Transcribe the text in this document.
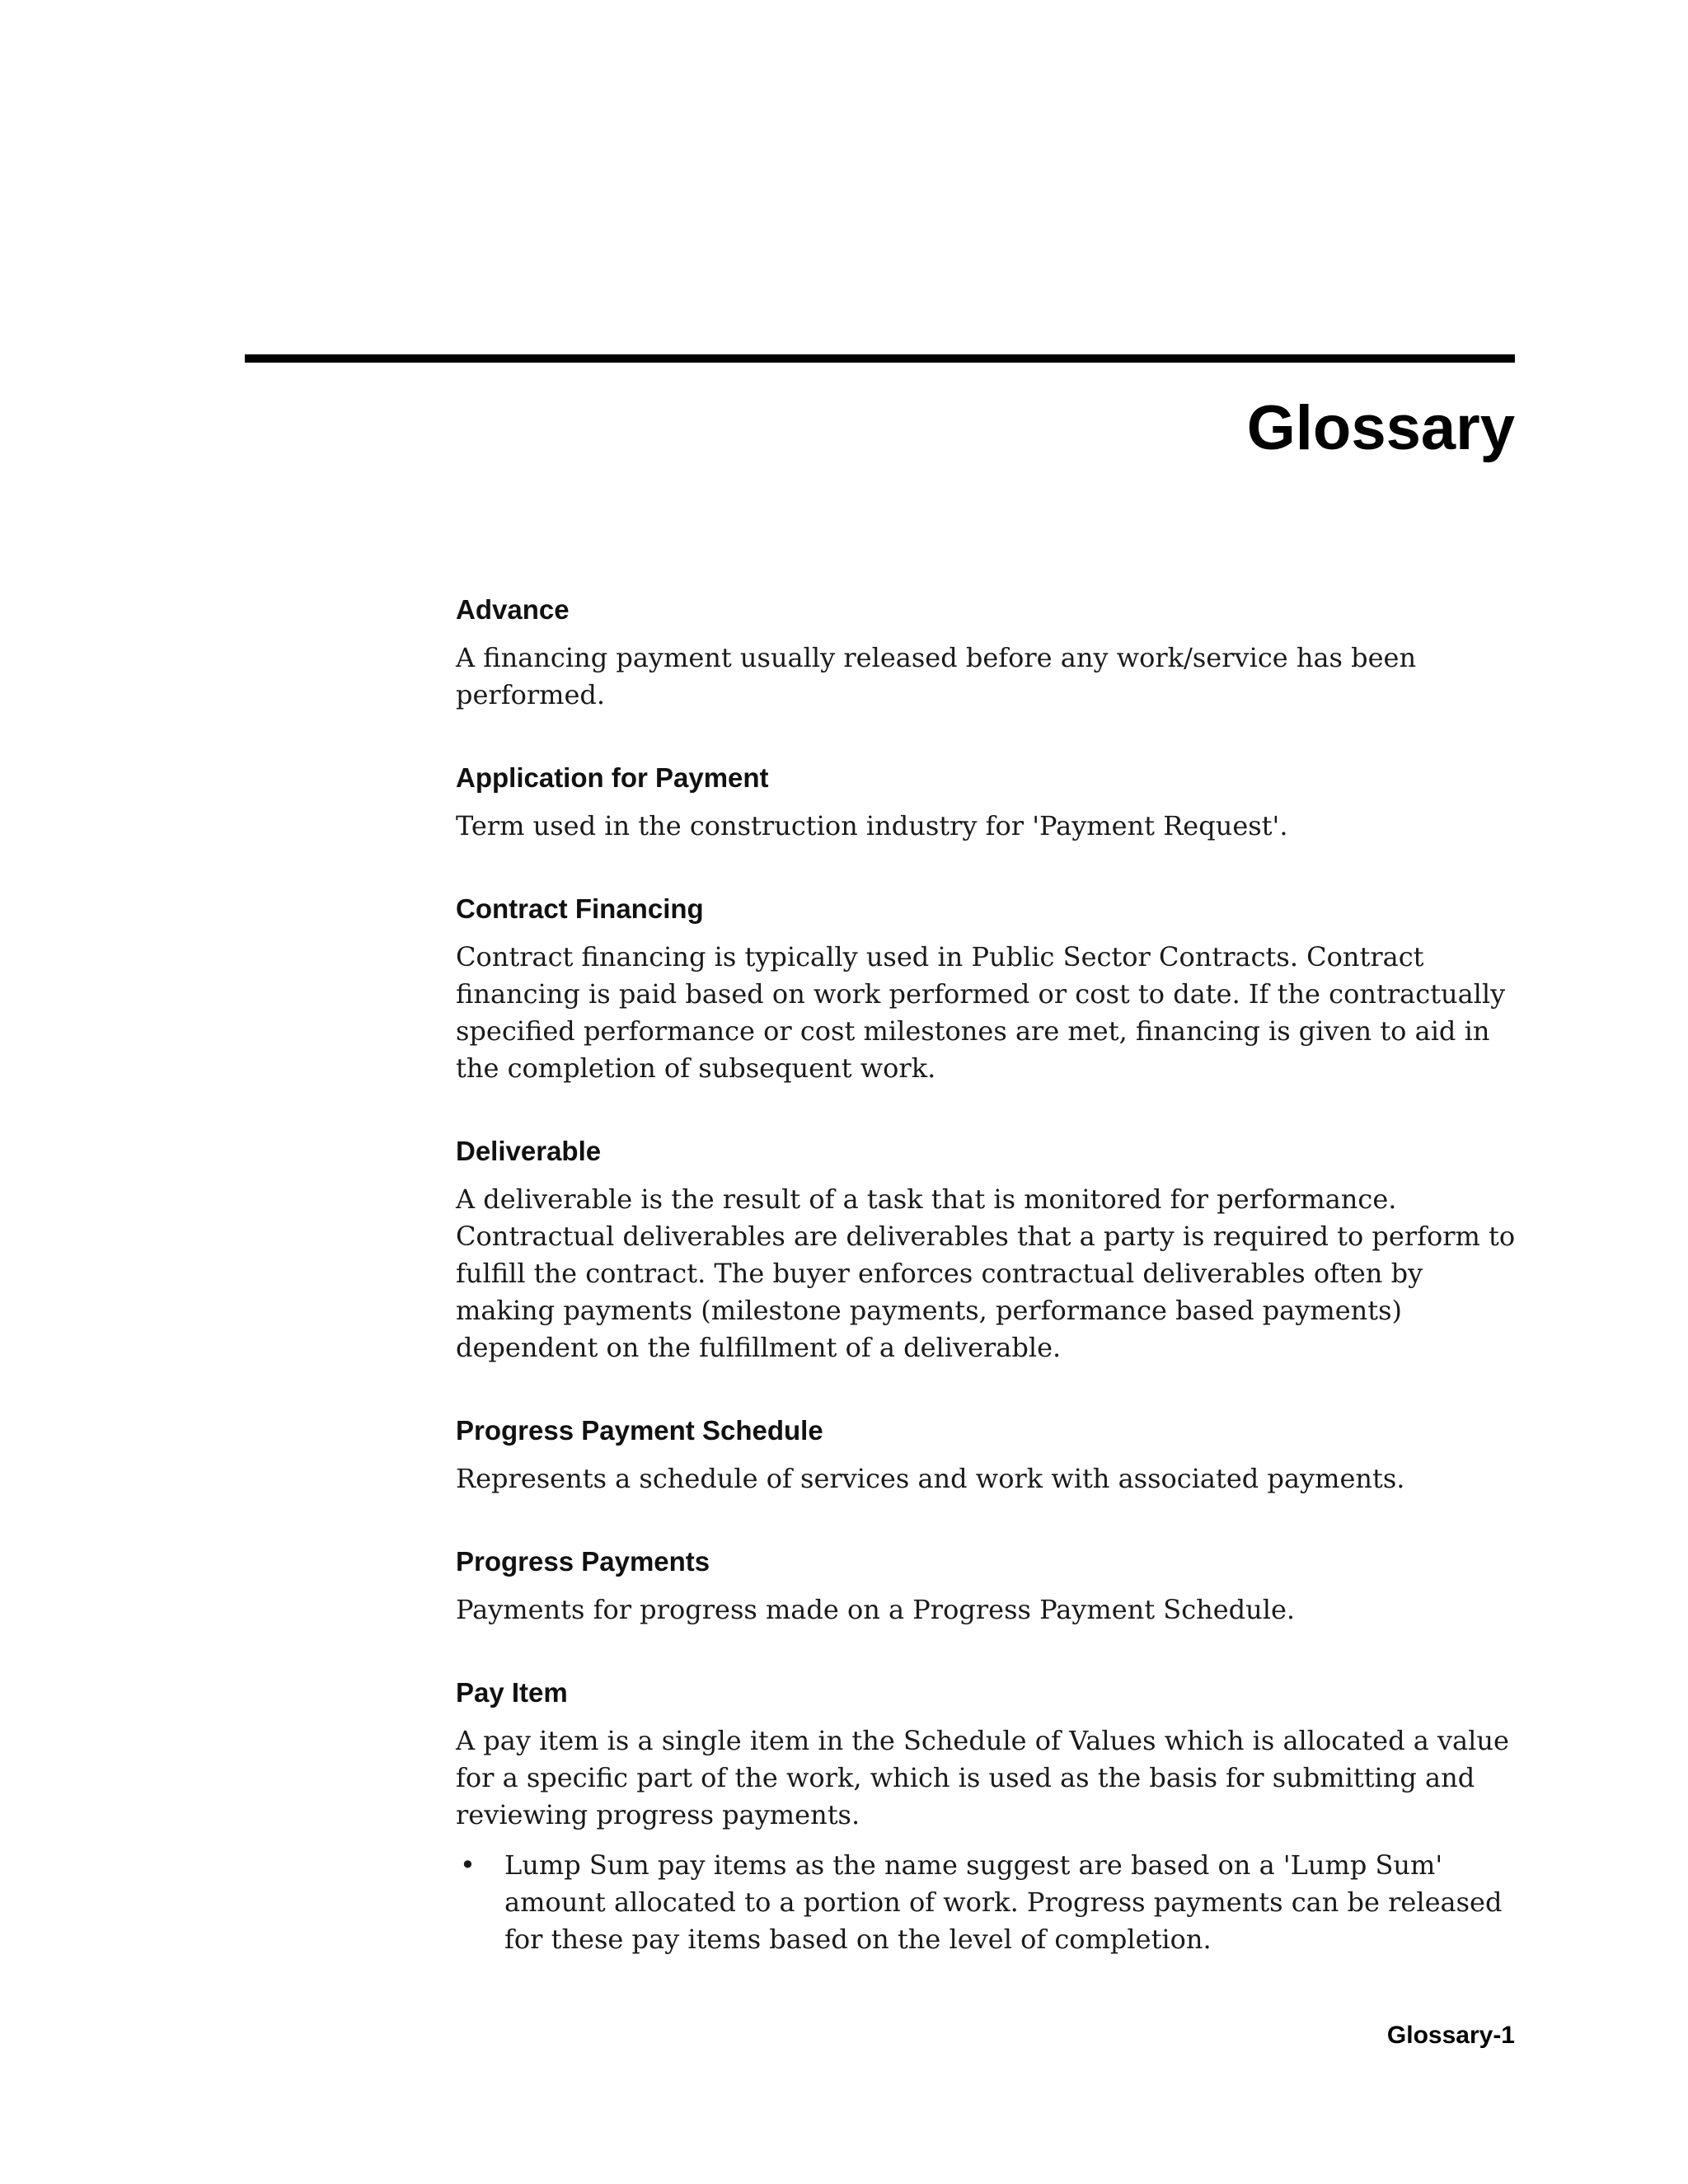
Glossary

Advance

A financing payment usually released before any work/service has been performed.

Application for Payment

Term used in the construction industry for 'Payment Request'.

Contract Financing

Contract financing is typically used in Public Sector Contracts. Contract financing is paid based on work performed or cost to date. If the contractually specified performance or cost milestones are met, financing is given to aid in the completion of subsequent work.

Deliverable

A deliverable is the result of a task that is monitored for performance. Contractual deliverables are deliverables that a party is required to perform to fulfill the contract. The buyer enforces contractual deliverables often by making payments (milestone payments, performance based payments) dependent on the fulfillment of a deliverable.

Progress Payment Schedule

Represents a schedule of services and work with associated payments.

Progress Payments

Payments for progress made on a Progress Payment Schedule.

Pay Item

A pay item is a single item in the Schedule of Values which is allocated a value for a specific part of the work, which is used as the basis for submitting and reviewing progress payments.

• Lump Sum pay items as the name suggest are based on a 'Lump Sum' amount allocated to a portion of work. Progress payments can be released for these pay items based on the level of completion.

Glossary-1
